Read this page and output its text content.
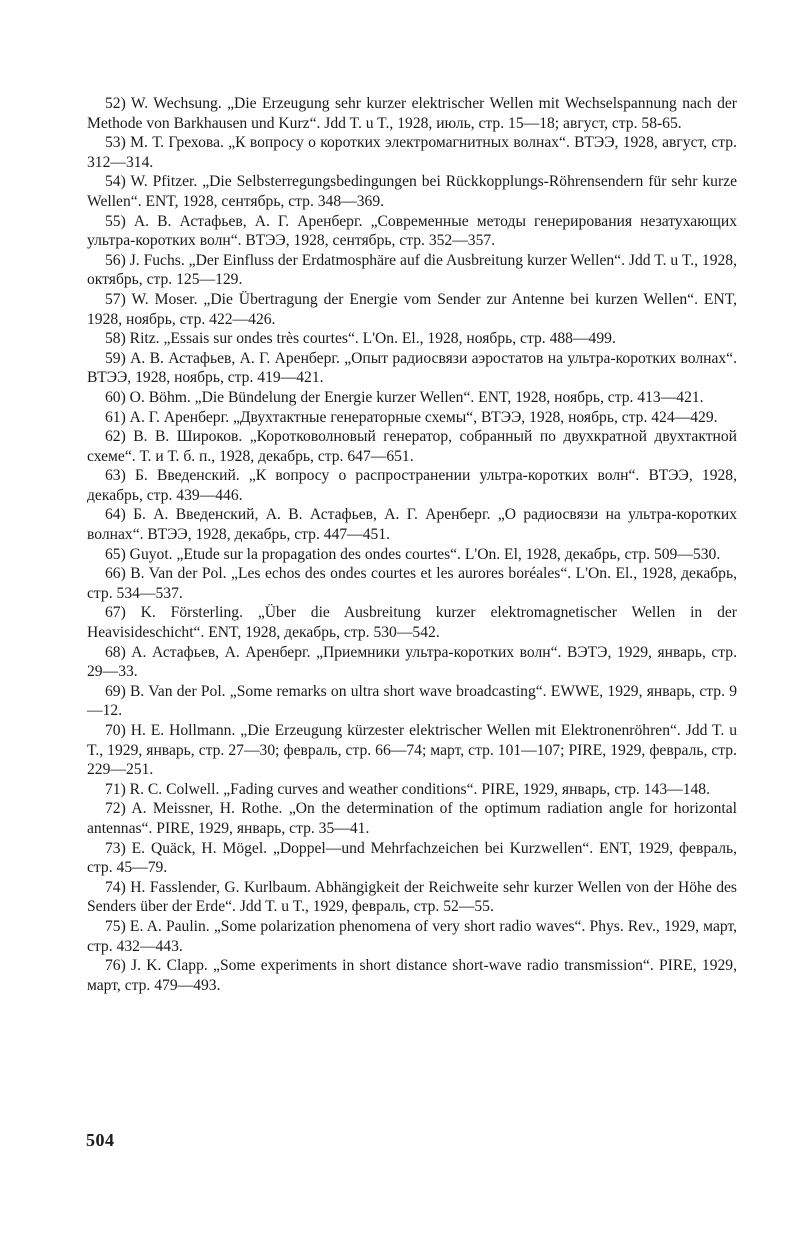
52) W. Wechsung. „Die Erzeugung sehr kurzer elektrischer Wellen mit Wechselspannung nach der Methode von Barkhausen und Kurz“. Jdd T. u T., 1928, июль, стр. 15—18; август, стр. 58-65.

53) М. Т. Грехова. „К вопросу о коротких электромагнитных волнах“. ВТЭЭ, 1928, август, стр. 312—314.

54) W. Pfitzer. „Die Selbsterregungsbedingungen bei Rückkopplungs-Röhrensendern für sehr kurze Wellen“. ENT, 1928, сентябрь, стр. 348—369.

55) А. В. Астафьев, А. Г. Аренберг. „Современные методы генерирования незатухающих ультра-коротких волн“. ВТЭЭ, 1928, сентябрь, стр. 352—357.

56) J. Fuchs. „Der Einfluss der Erdatmosphäre auf die Ausbreitung kurzer Wellen“. Jdd T. u T., 1928, октябрь, стр. 125—129.

57) W. Moser. „Die Übertragung der Energie vom Sender zur Antenne bei kurzen Wellen“. ENT, 1928, ноябрь, стр. 422—426.

58) Ritz. „Essais sur ondes très courtes“. L'On. El., 1928, ноябрь, стр. 488—499.

59) А. В. Астафьев, А. Г. Аренберг. „Опыт радиосвязи аэростатов на ультра-коротких волнах“. ВТЭЭ, 1928, ноябрь, стр. 419—421.

60) O. Böhm. „Die Bündelung der Energie kurzer Wellen“. ENT, 1928, ноябрь, стр. 413—421.

61) А. Г. Аренберг. „Двухтактные генераторные схемы“, ВТЭЭ, 1928, ноябрь, стр. 424—429.

62) В. В. Широков. „Коротковолновый генератор, собранный по двухкратной двухтактной схеме“. Т. и Т. б. п., 1928, декабрь, стр. 647—651.

63) Б. Введенский. „К вопросу о распространении ультра-коротких волн“. ВТЭЭ, 1928, декабрь, стр. 439—446.

64) Б. А. Введенский, А. В. Астафьев, А. Г. Аренберг. „О радиосвязи на ультра-коротких волнах“. ВТЭЭ, 1928, декабрь, стр. 447—451.

65) Guyot. „Etude sur la propagation des ondes courtes“. L'On. El, 1928, декабрь, стр. 509—530.

66) B. Van der Pol. „Les echos des ondes courtes et les aurores boréales“. L'On. El., 1928, декабрь, стр. 534—537.

67) K. Försterling. „Über die Ausbreitung kurzer elektromagnetischer Wellen in der Heavisideschicht“. ENT, 1928, декабрь, стр. 530—542.

68) А. Астафьев, А. Аренберг. „Приемники ультра-коротких волн“. ВЭТЭ, 1929, январь, стр. 29—33.

69) B. Van der Pol. „Some remarks on ultra short wave broadcasting“. EWWE, 1929, январь, стр. 9—12.

70) H. E. Hollmann. „Die Erzeugung kürzester elektrischer Wellen mit Elektronenröhren“. Jdd T. u T., 1929, январь, стр. 27—30; февраль, стр. 66—74; март, стр. 101—107; PIRE, 1929, февраль, стр. 229—251.

71) R. C. Colwell. „Fading curves and weather conditions“. PIRE, 1929, январь, стр. 143—148.

72) A. Meissner, H. Rothe. „On the determination of the optimum radiation angle for horizontal antennas“. PIRE, 1929, январь, стр. 35—41.

73) E. Quäck, H. Mögel. „Doppel—und Mehrfachzeichen bei Kurzwellen“. ENT, 1929, февраль, стр. 45—79.

74) H. Fasslender, G. Kurlbaum. Abhängigkeit der Reichweite sehr kurzer Wellen von der Höhe des Senders über der Erde“. Jdd T. u T., 1929, февраль, стр. 52—55.

75) E. A. Paulin. „Some polarization phenomena of very short radio waves“. Phys. Rev., 1929, март, стр. 432—443.

76) J. K. Clapp. „Some experiments in short distance short-wave radio transmission“. PIRE, 1929, март, стр. 479—493.

504
